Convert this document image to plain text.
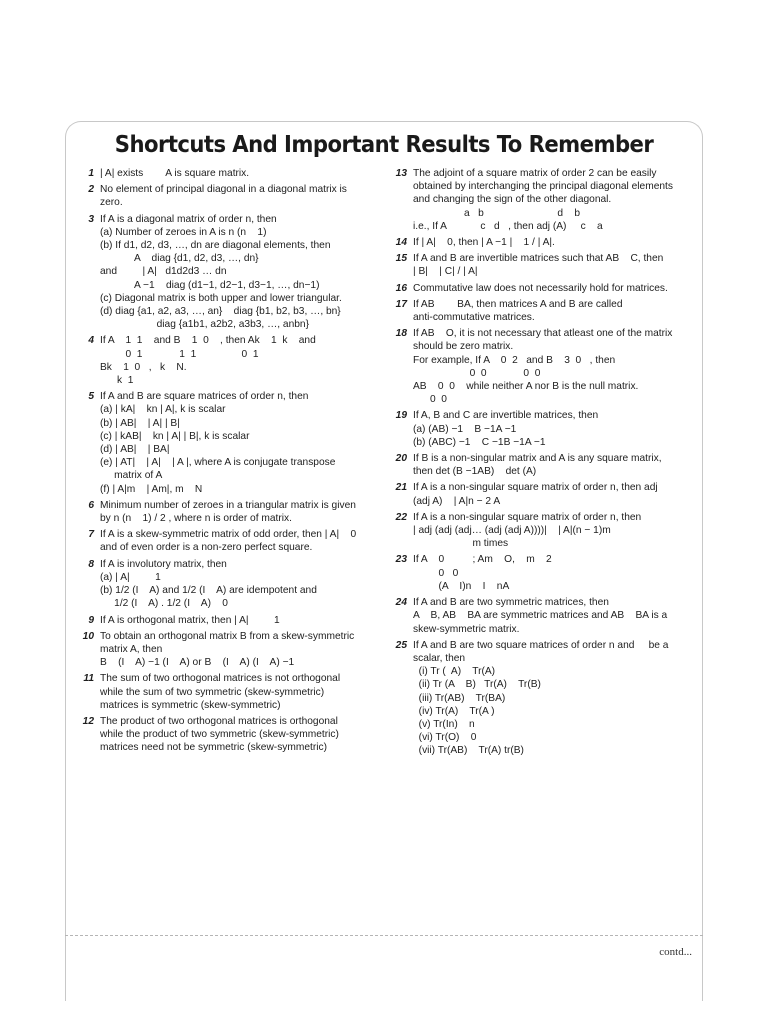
Shortcuts And Important Results To Remember
1 | A| exists        A is square matrix.
2 No element of principal diagonal in a diagonal matrix is
zero.
3 If A is a diagonal matrix of order n, then
(a) Number of zeroes in A is n (n    1)
(b) If d1, d2, d3, …, dn are diagonal elements, then
A    diag {d1, d2, d3, …, dn}
and         | A|   d1d2d3 … dn
A −1    diag (d1−1, d2−1, d3−1, …, dn−1)
(c) Diagonal matrix is both upper and lower triangular.
(d) diag {a1, a2, a3, …, an}    diag {b1, b2, b3, …, bn}
diag {a1b1, a2b2, a3b3, …, anbn}
4 If A    1  1    and B    1  0    , then Ak    1  k    and
0  1             1  1                0  1
Bk    1  0   ,   k    N.
k  1
5 If A and B are square matrices of order n, then
(a) | kA|    kn | A|, k is scalar
(b) | AB|    | A| | B|
(c) | kAB|    kn | A| | B|, k is scalar
(d) | AB|    | BA|
(e) | AT|    | A|    | A |, where A is conjugate transpose
matrix of A
(f) | A|m    | Am|, m    N
6 Minimum number of zeroes in a triangular matrix is given
by n (n    1) / 2 , where n is order of matrix.
7 If A is a skew-symmetric matrix of odd order, then | A|    0
and of even order is a non-zero perfect square.
8 If A is involutory matrix, then
(a) | A|         1
(b) 1/2 (I    A) and 1/2 (I    A) are idempotent and
1/2 (I    A) . 1/2 (I    A)    0
9 If A is orthogonal matrix, then | A|         1
10 To obtain an orthogonal matrix B from a skew-symmetric
matrix A, then
B    (I    A) −1 (I    A) or B    (I    A) (I    A) −1
11 The sum of two orthogonal matrices is not orthogonal
while the sum of two symmetric (skew-symmetric)
matrices is symmetric (skew-symmetric)
12 The product of two orthogonal matrices is orthogonal
while the product of two symmetric (skew-symmetric)
matrices need not be symmetric (skew-symmetric)
13 The adjoint of a square matrix of order 2 can be easily
obtained by interchanging the principal diagonal elements
and changing the sign of the other diagonal.
a   b                          d    b
i.e., If A            c   d   , then adj (A)     c    a
14 If | A|    0, then | A −1 |    1 / | A|.
15 If A and B are invertible matrices such that AB    C, then
| B|    | C| / | A|
16 Commutative law does not necessarily hold for matrices.
17 If AB        BA, then matrices A and B are called
anti-commutative matrices.
18 If AB    O, it is not necessary that atleast one of the matrix
should be zero matrix.
For example, If A    0  2   and B    3  0   , then
0  0             0  0
AB    0  0    while neither A nor B is the null matrix.
0  0
19 If A, B and C are invertible matrices, then
(a) (AB) −1    B −1A −1
(b) (ABC) −1    C −1B −1A −1
20 If B is a non-singular matrix and A is any square matrix,
then det (B −1AB)    det (A)
21 If A is a non-singular square matrix of order n, then adj
(adj A)    | A|n − 2 A
22 If A is a non-singular square matrix of order n, then
| adj (adj (adj… (adj (adj A))))|    | A|(n − 1)m
m times
23 If A    0          ; Am    O,    m    2
0   0
(A    I)n    I    nA
24 If A and B are two symmetric matrices, then
A    B, AB    BA are symmetric matrices and AB    BA is a
skew-symmetric matrix.
25 If A and B are two square matrices of order n and     be a
scalar, then
(i) Tr (  A)    Tr(A)
(ii) Tr (A    B)   Tr(A)    Tr(B)
(iii) Tr(AB)    Tr(BA)
(iv) Tr(A)    Tr(A )
(v) Tr(In)    n
(vi) Tr(O)    0
(vii) Tr(AB)    Tr(A) tr(B)
contd...
